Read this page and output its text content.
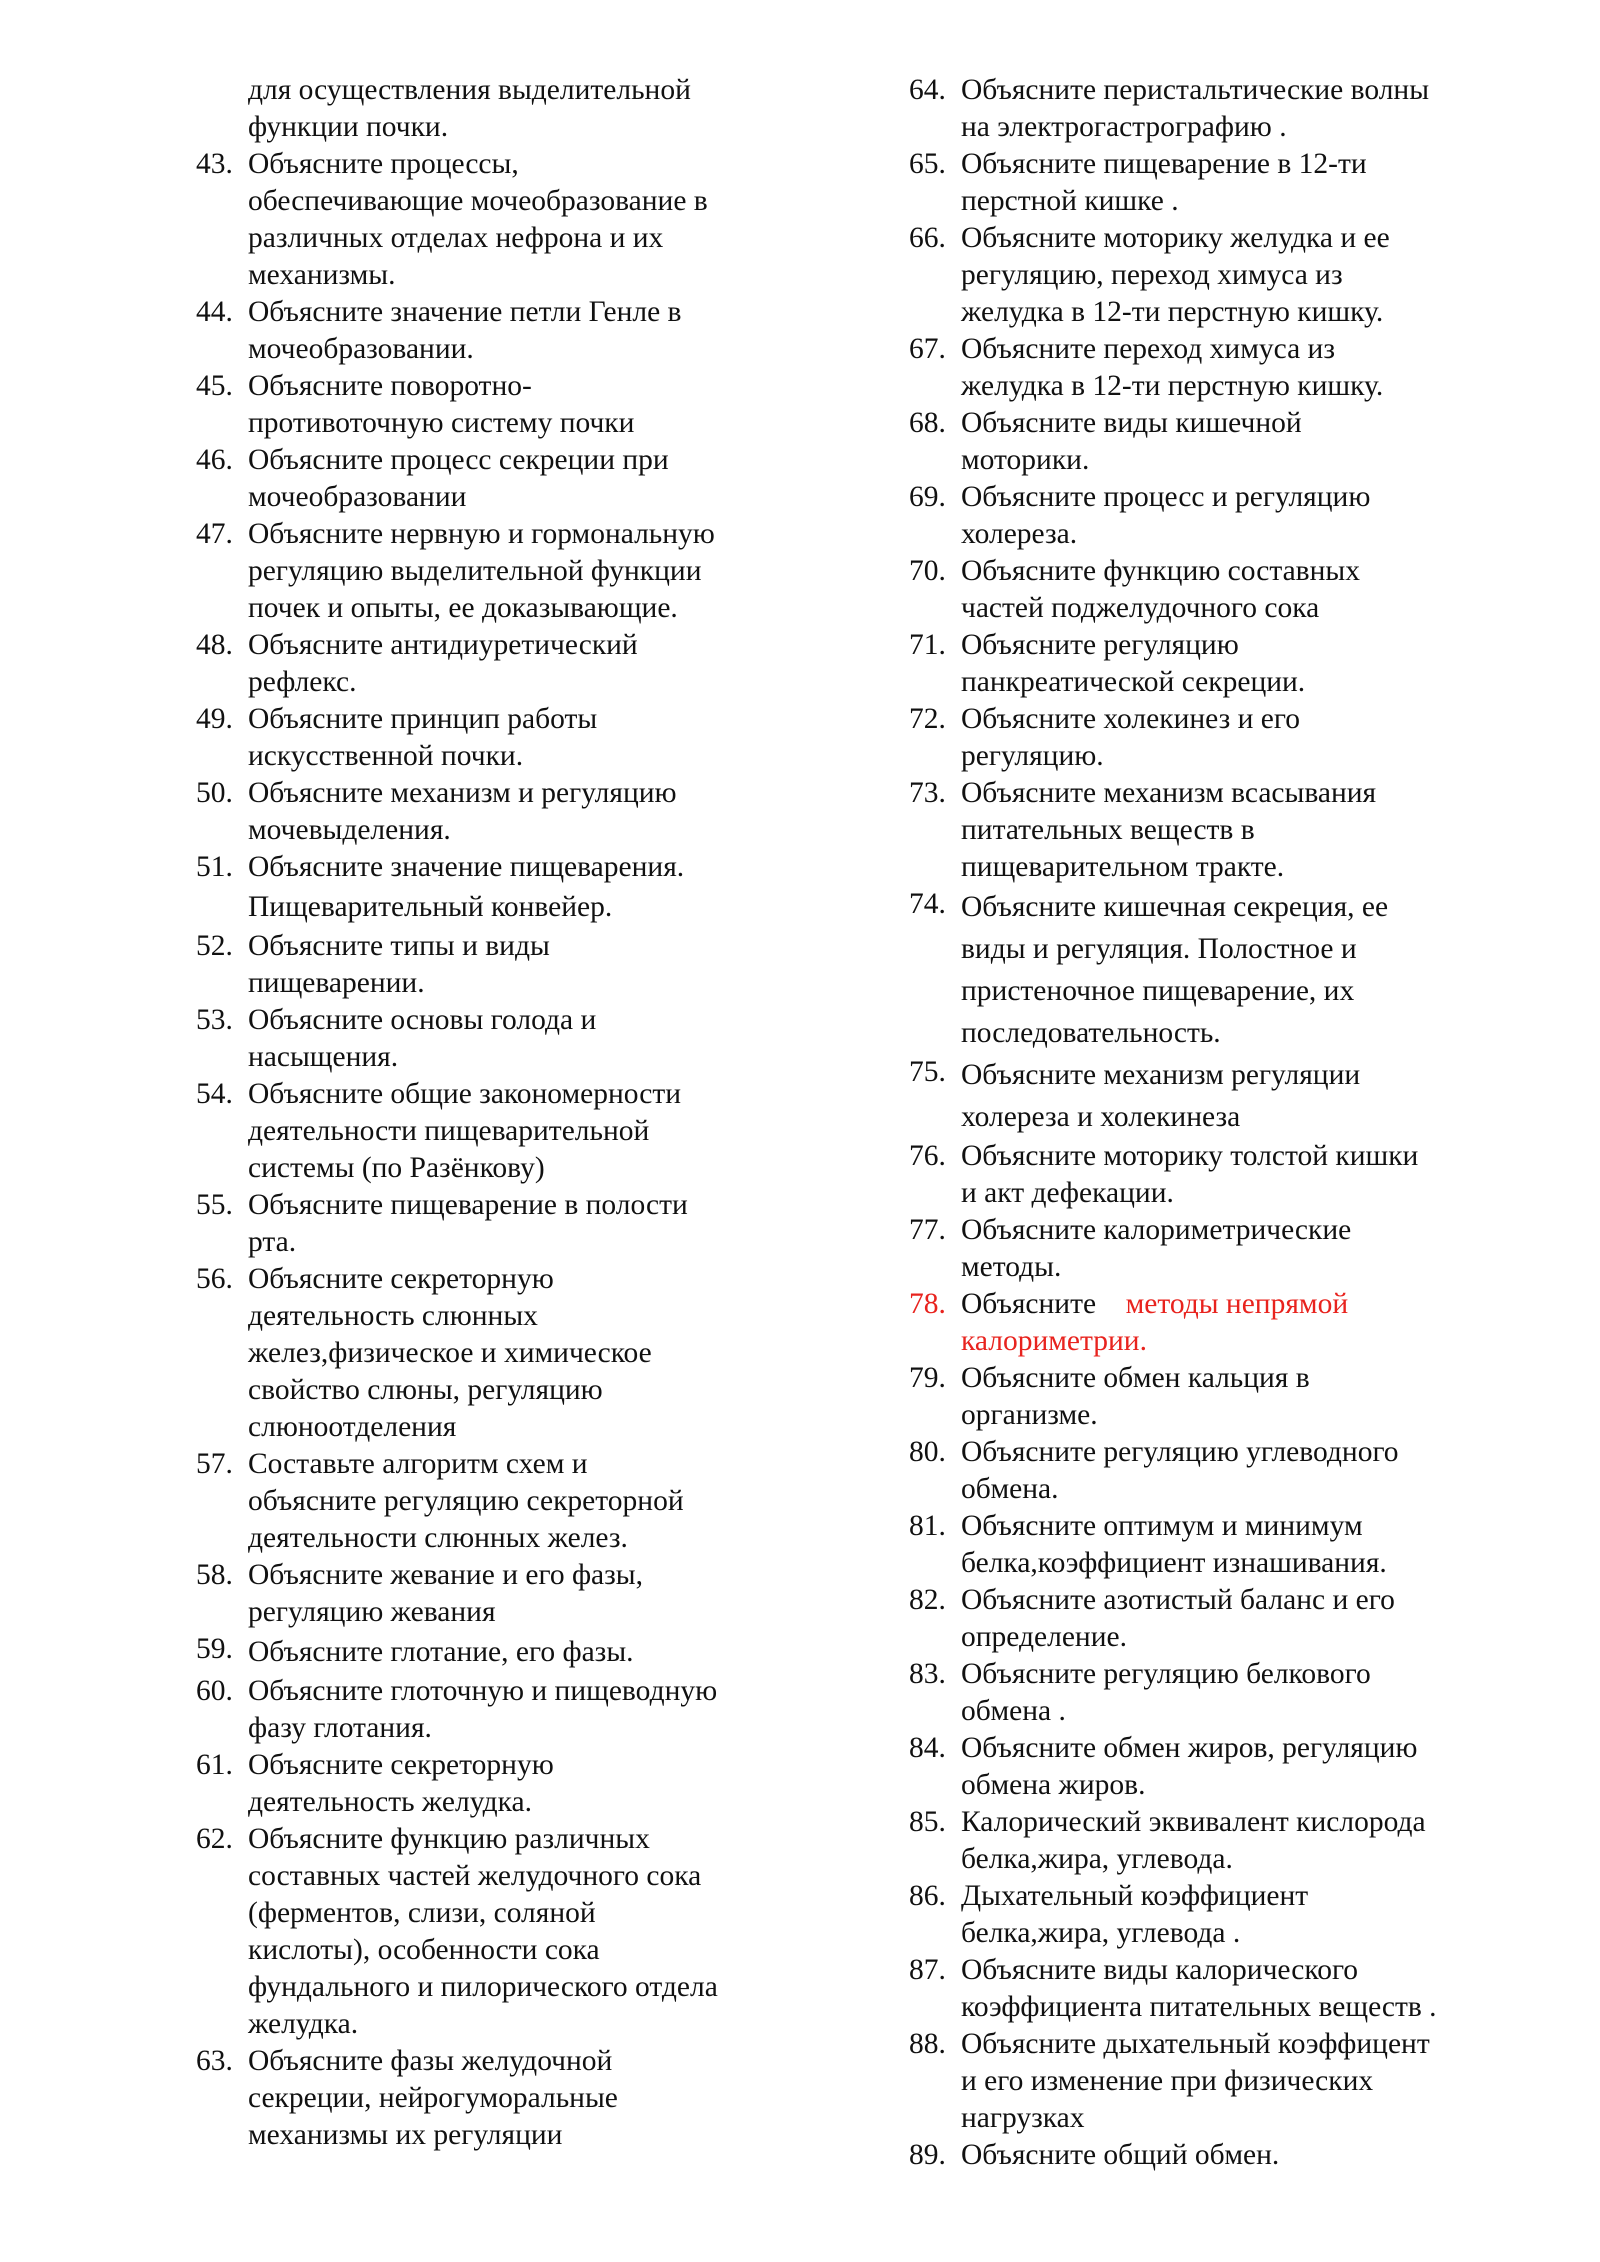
для осуществления выделительной
функции почки.
43. Объясните процессы,
обеспечивающие мочеобразование в
различных отделах нефрона и их
механизмы.
44. Объясните значение петли Генле в
мочеобразовании.
45. Объясните поворотно-
противоточную систему почки
46. Объясните процесс секреции при
мочеобразовании
47. Объясните нервную и гормональную
регуляцию выделительной функции
почек и опыты, ее доказывающие.
48. Объясните антидиуретический
рефлекс.
49. Объясните принцип работы
искусственной почки.
50. Объясните механизм и регуляцию
мочевыделения.
51. Объясните значение пищеварения.
Пищеварительный конвейер.
52. Объясните типы и виды
пищеварении.
53. Объясните основы голода и
насыщения.
54. Объясните общие закономерности
деятельности пищеварительной
системы (по Разёнкову)
55. Объясните пищеварение в полости
рта.
56. Объясните секреторную
деятельность слюнных
желез,физическое и химическое
свойство слюны, регуляцию
слюноотделения
57. Составьте алгоритм схем и
объясните регуляцию секреторной
деятельности слюнных желез.
58. Объясните жевание и его фазы,
регуляцию жевания
59. Объясните глотание, его фазы.
60. Объясните глоточную и пищеводную
фазу глотания.
61. Объясните секреторную
деятельность желудка.
62. Объясните функцию различных
составных частей желудочного сока
(ферментов, слизи, соляной
кислоты), особенности сока
фундального и пилорического отдела
желудка.
63. Объясните фазы желудочной
секреции, нейрогуморальные
механизмы их регуляции
64. Объясните перистальтические волны
на электрогастрографию .
65. Объясните пищеварение в 12-ти
перстной кишке .
66. Объясните моторику желудка и ее
регуляцию, переход химуса из
желудка в 12-ти перстную кишку.
67. Объясните переход химуса из
желудка в 12-ти перстную кишку.
68. Объясните виды кишечной
моторики.
69. Объясните процесс и регуляцию
холереза.
70. Объясните функцию составных
частей поджелудочного сока
71. Объясните регуляцию
панкреатической секреции.
72. Объясните холекинез и его
регуляцию.
73. Объясните механизм всасывания
питательных веществ в
пищеварительном тракте.
74. Объясните кишечная секреция, ее
виды и регуляция. Полостное и
пристеночное пищеварение, их
последовательность.
75. Объясните механизм регуляции
холереза и холекинеза
76. Объясните моторику толстой кишки
и акт дефекации.
77. Объясните калориметрические
методы.
78. Объясните методы непрямой
калориметрии.
79. Объясните обмен кальция в
организме.
80. Объясните регуляцию углеводного
обмена.
81. Объясните оптимум и минимум
белка,коэффициент изнашивания.
82. Объясните азотистый баланс и его
определение.
83. Объясните регуляцию белкового
обмена .
84. Объясните обмен жиров, регуляцию
обмена жиров.
85. Калорический эквивалент кислорода
белка,жира, углевода.
86. Дыхательный коэффициент
белка,жира, углевода .
87. Объясните виды калорического
коэффициента питательных веществ .
88. Объясните дыхательный коэффицент
и его изменение при физических
нагрузках
89. Объясните общий обмен.
